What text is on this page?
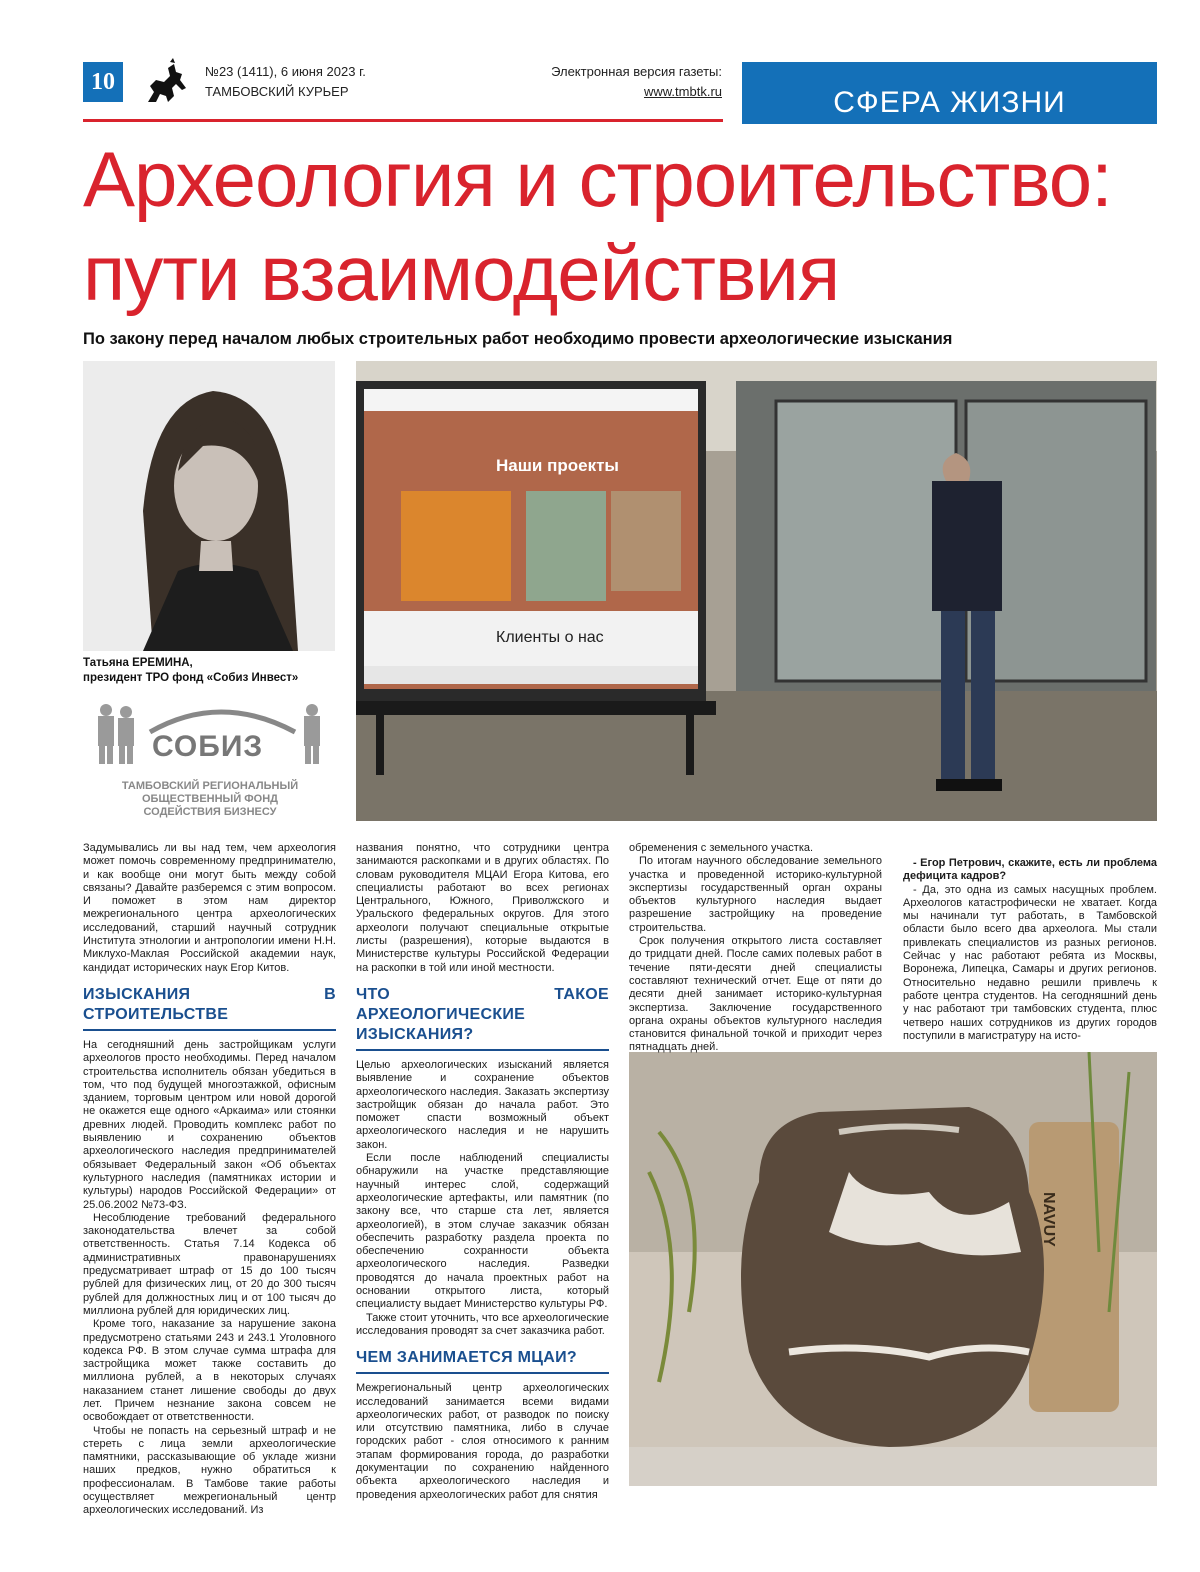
10	№23 (1411), 6 июня 2023 г.
ТАМБОВСКИЙ КУРЬЕР
Электронная версия газеты:
www.tmbtk.ru	СФЕРА ЖИЗНИ
Археология и строительство:
пути взаимодействия
По закону перед началом любых строительных работ необходимо провести археологические изыскания
Татьяна ЕРЕМИНА,
президент ТРО фонд «Собиз Инвест»
СОБИЗ
ТАМБОВСКИЙ РЕГИОНАЛЬНЫЙ
ОБЩЕСТВЕННЫЙ ФОНД
СОДЕЙСТВИЯ БИЗНЕСУ
Наши проекты
Клиенты о нас
NAVUY

Задумывались ли вы над тем, чем археология может помочь современному предпринимателю, и как вообще они могут быть между собой связаны? Давайте разберемся с этим вопросом. И поможет в этом нам директор межрегионального центра археологических исследований, старший научный сотрудник Института этнологии и антропологии имени Н.Н. Миклухо-Маклая Российской академии наук, кандидат исторических наук Егор Китов.

ИЗЫСКАНИЯ В СТРОИТЕЛЬСТВЕ

На сегодняшний день застройщикам услуги археологов просто необходимы. Перед началом строительства исполнитель обязан убедиться в том, что под будущей многоэтажкой, офисным зданием, торговым центром или новой дорогой не окажется еще одного «Аркаима» или стоянки древних людей. Проводить комплекс работ по выявлению и сохранению объектов археологического наследия предпринимателей обязывает Федеральный закон «Об объектах культурного наследия (памятниках истории и культуры) народов Российской Федерации» от 25.06.2002 №73-ФЗ.

Несоблюдение требований федерального законодательства влечет за собой ответственность. Статья 7.14 Кодекса об административных правонарушениях предусматривает штраф от 15 до 100 тысяч рублей для физических лиц, от 20 до 300 тысяч рублей для должностных лиц и от 100 тысяч до миллиона рублей для юридических лиц.

Кроме того, наказание за нарушение закона предусмотрено статьями 243 и 243.1 Уголовного кодекса РФ. В этом случае сумма штрафа для застройщика может также составить до миллиона рублей, а в некоторых случаях наказанием станет лишение свободы до двух лет. Причем незнание закона совсем не освобождает от ответственности.

Чтобы не попасть на серьезный штраф и не стереть с лица земли археологические памятники, рассказывающие об укладе жизни наших предков, нужно обратиться к профессионалам. В Тамбове такие работы осуществляет межрегиональный центр археологических исследований. Из

названия понятно, что сотрудники центра занимаются раскопками и в других областях. По словам руководителя МЦАИ Егора Китова, его специалисты работают во всех регионах Центрального, Южного, Приволжского и Уральского федеральных округов. Для этого археологи получают специальные открытые листы (разрешения), которые выдаются в Министерстве культуры Российской Федерации на раскопки в той или иной местности.

ЧТО ТАКОЕ АРХЕОЛОГИЧЕСКИЕ ИЗЫСКАНИЯ?

Целью археологических изысканий является выявление и сохранение объектов археологического наследия. Заказать экспертизу застройщик обязан до начала работ. Это поможет спасти возможный объект археологического наследия и не нарушить закон.

Если после наблюдений специалисты обнаружили на участке представляющие научный интерес слой, содержащий археологические артефакты, или памятник (по закону все, что старше ста лет, является археологией), в этом случае заказчик обязан обеспечить разработку раздела проекта по обеспечению сохранности объекта археологического наследия. Разведки проводятся до начала проектных работ на основании открытого листа, который специалисту выдает Министерство культуры РФ.

Также стоит уточнить, что все археологические исследования проводят за счет заказчика работ.

ЧЕМ ЗАНИМАЕТСЯ МЦАИ?

Межрегиональный центр археологических исследований занимается всеми видами археологических работ, от разводок по поиску или отсутствию памятника, либо в случае городских работ - слоя относимого к ранним этапам формирования города, до разработки документации по сохранению найденного объекта археологического наследия и проведения археологических работ для снятия

обременения с земельного участка.

По итогам научного обследование земельного участка и проведенной историко-культурной экспертизы государственный орган охраны объектов культурного наследия выдает разрешение застройщику на проведение строительства.

Срок получения открытого листа составляет до тридцати дней. После самих полевых работ в течение пяти-десяти дней специалисты составляют технический отчет. Еще от пяти до десяти дней занимает историко-культурная экспертиза. Заключение государственного органа охраны объектов культурного наследия становится финальной точкой и приходит через пятнадцать дней.

- Егор Петрович, скажите, есть ли проблема дефицита кадров?

- Да, это одна из самых насущных проблем. Археологов катастрофически не хватает. Когда мы начинали тут работать, в Тамбовской области было всего два археолога. Мы стали привлекать специалистов из разных регионов. Сейчас у нас работают ребята из Москвы, Воронежа, Липецка, Самары и других регионов. Относительно недавно решили привлечь к работе центра студентов. На сегодняшний день у нас работают три тамбовских студента, плюс четверо наших сотрудников из других городов поступили в магистратуру на исто-
